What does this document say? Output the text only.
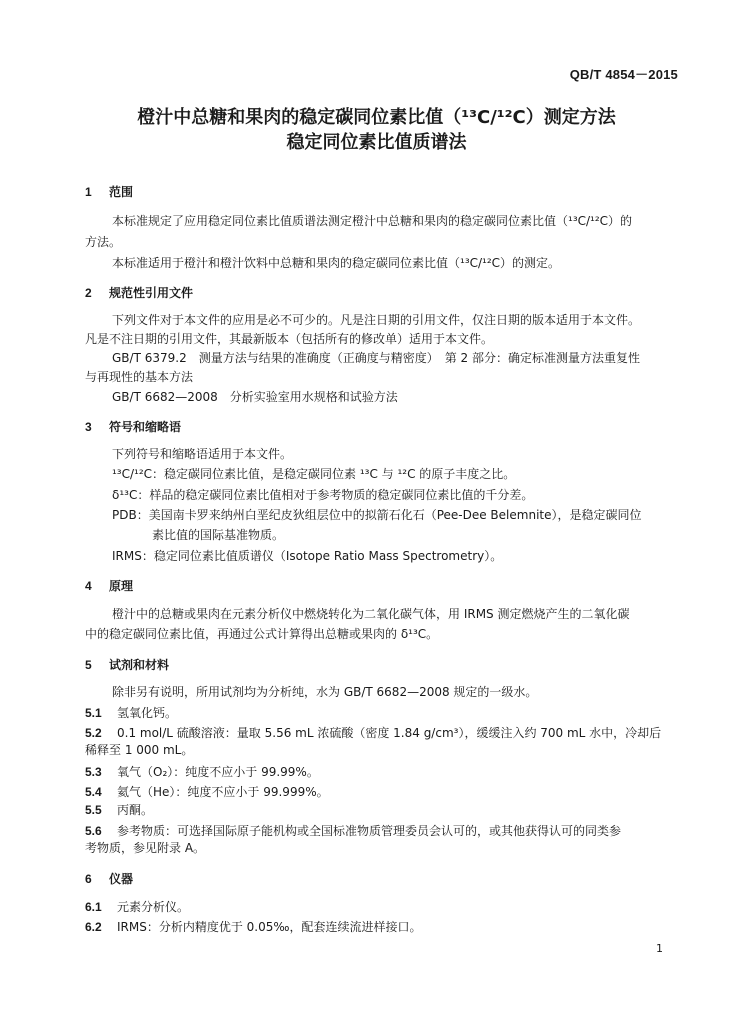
QB/T 4854－2015
橙汁中总糖和果肉的稳定碳同位素比值（¹³C/¹²C）测定方法
稳定同位素比值质谱法
1 范围
本标准规定了应用稳定同位素比值质谱法测定橙汁中总糖和果肉的稳定碳同位素比值（¹³C/¹²C）的
方法。
本标准适用于橙汁和橙汁饮料中总糖和果肉的稳定碳同位素比值（¹³C/¹²C）的测定。
2 规范性引用文件
下列文件对于本文件的应用是必不可少的。凡是注日期的引用文件，仅注日期的版本适用于本文件。
凡是不注日期的引用文件，其最新版本（包括所有的修改单）适用于本文件。
GB/T 6379.2　测量方法与结果的准确度（正确度与精密度）　第 2 部分：确定标准测量方法重复性
与再现性的基本方法
GB/T 6682—2008　分析实验室用水规格和试验方法
3 符号和缩略语
下列符号和缩略语适用于本文件。
¹³C/¹²C：稳定碳同位素比值，是稳定碳同位素 ¹³C 与 ¹²C 的原子丰度之比。
δ¹³C：样品的稳定碳同位素比值相对于参考物质的稳定碳同位素比值的千分差。
PDB：美国南卡罗来纳州白垩纪皮狄组层位中的拟箭石化石（Pee-Dee Belemnite），是稳定碳同位
素比值的国际基准物质。
IRMS：稳定同位素比值质谱仪（Isotope Ratio Mass Spectrometry）。
4 原理
橙汁中的总糖或果肉在元素分析仪中燃烧转化为二氧化碳气体，用 IRMS 测定燃烧产生的二氧化碳
中的稳定碳同位素比值，再通过公式计算得出总糖或果肉的 δ¹³C。
5 试剂和材料
除非另有说明，所用试剂均为分析纯，水为 GB/T 6682—2008 规定的一级水。
5.1 氢氧化钙。
5.2 0.1 mol/L 硫酸溶液：量取 5.56 mL 浓硫酸（密度 1.84 g/cm³），缓缓注入约 700 mL 水中，冷却后
稀释至 1 000 mL。
5.3 氧气（O₂）：纯度不应小于 99.99%。
5.4 氦气（He）：纯度不应小于 99.999%。
5.5 丙酮。
5.6 参考物质：可选择国际原子能机构或全国标准物质管理委员会认可的，或其他获得认可的同类参
考物质，参见附录 A。
6 仪器
6.1 元素分析仪。
6.2 IRMS：分析内精度优于 0.05‰，配套连续流进样接口。
1
